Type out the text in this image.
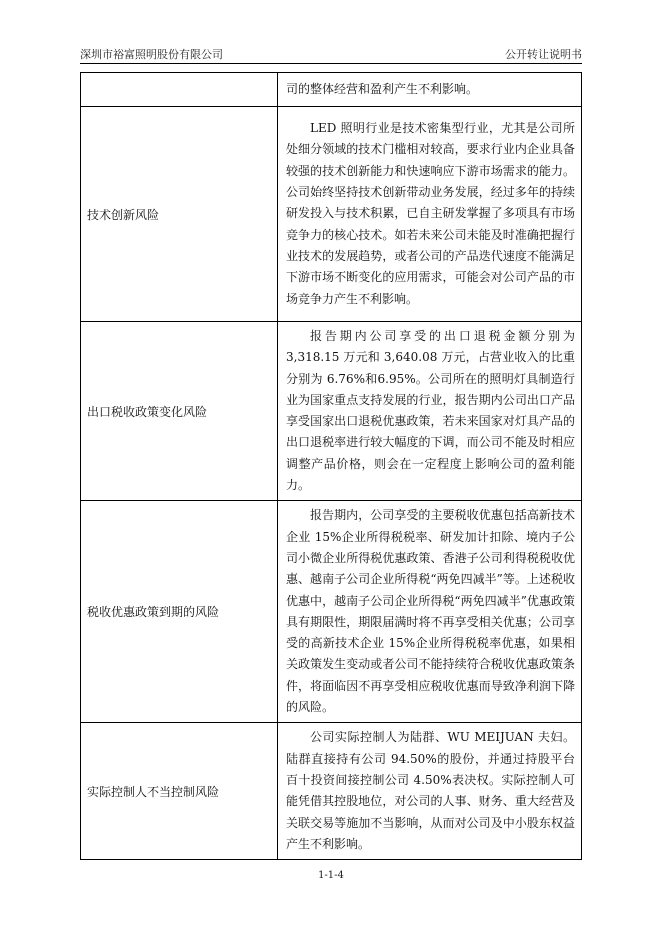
深圳市裕富照明股份有限公司	公开转让说明书

	司的整体经营和盈利产生不利影响。

技术创新风险	LED 照明行业是技术密集型行业，尤其是公司所处细分领域的技术门槛相对较高，要求行业内企业具备较强的技术创新能力和快速响应下游市场需求的能力。公司始终坚持技术创新带动业务发展，经过多年的持续研发投入与技术积累，已自主研发掌握了多项具有市场竞争力的核心技术。如若未来公司未能及时准确把握行业技术的发展趋势，或者公司的产品迭代速度不能满足下游市场不断变化的应用需求，可能会对公司产品的市场竞争力产生不利影响。

出口税收政策变化风险	报告期内公司享受的出口退税金额分别为 3,318.15 万元和 3,640.08 万元，占营业收入的比重分别为 6.76%和6.95%。公司所在的照明灯具制造行业为国家重点支持发展的行业，报告期内公司出口产品享受国家出口退税优惠政策，若未来国家对灯具产品的出口退税率进行较大幅度的下调，而公司不能及时相应调整产品价格，则会在一定程度上影响公司的盈利能力。

税收优惠政策到期的风险	报告期内，公司享受的主要税收优惠包括高新技术企业 15%企业所得税税率、研发加计扣除、境内子公司小微企业所得税优惠政策、香港子公司利得税税收优惠、越南子公司企业所得税“两免四减半”等。上述税收优惠中，越南子公司企业所得税“两免四减半”优惠政策具有期限性，期限届满时将不再享受相关优惠；公司享受的高新技术企业 15%企业所得税税率优惠，如果相关政策发生变动或者公司不能持续符合税收优惠政策条件，将面临因不再享受相应税收优惠而导致净利润下降的风险。

实际控制人不当控制风险	公司实际控制人为陆群、WU MEIJUAN 夫妇。陆群直接持有公司 94.50%的股份，并通过持股平台百十投资间接控制公司 4.50%表决权。实际控制人可能凭借其控股地位，对公司的人事、财务、重大经营及关联交易等施加不当影响，从而对公司及中小股东权益产生不利影响。

1-1-4
